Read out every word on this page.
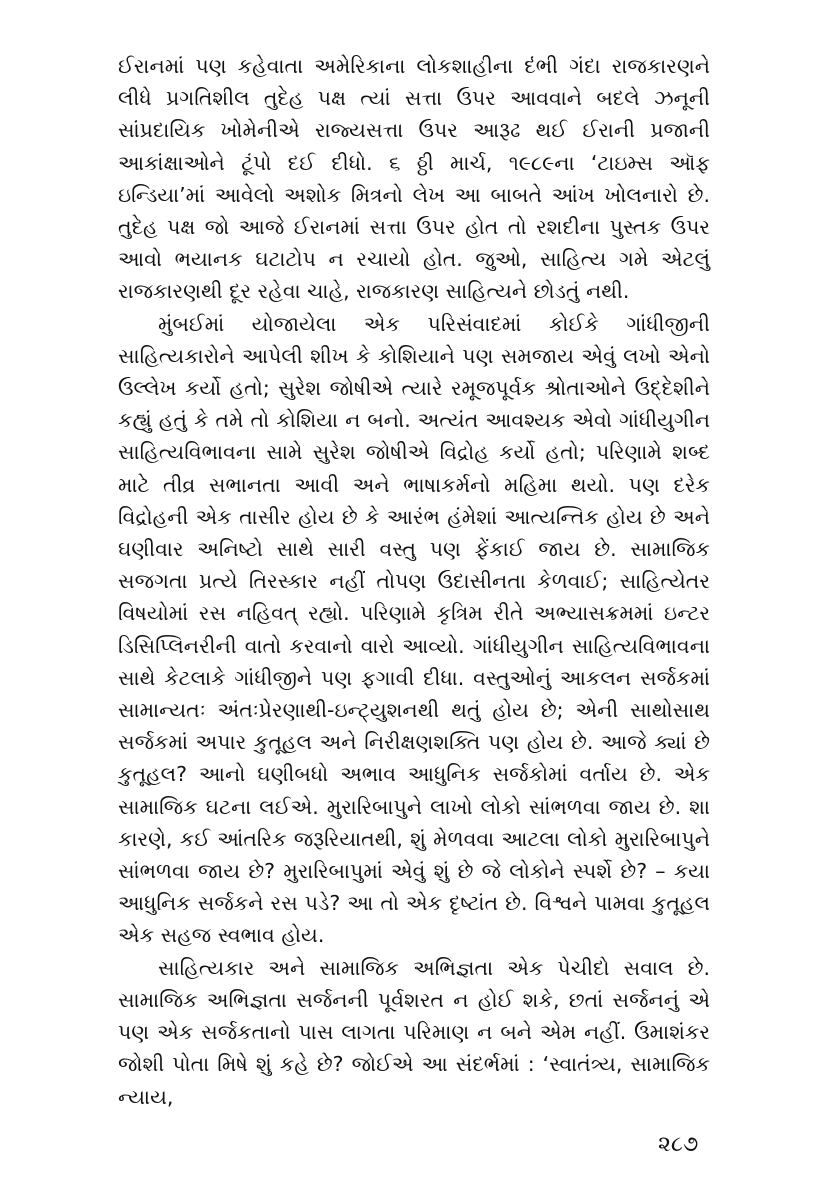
ઈરાનમાં પણ કહેવાતા અમેરિકાના લોકશાહીના દંભી ગંદા રાજકારણને લીધે પ્રગતિશીલ તુદેહ પક્ષ ત્યાં સત્તા ઉપર આવવાને બદલે ઝનૂની સાંપ્રદાયિક ખોમેનીએ રાજ્યસત્તા ઉપર આરૂઢ થઈ ઈરાની પ્રજાની આકાંક્ષાઓને ટૂંપો દઈ દીધો. ૬ ઠ્ઠી માર્ચ, ૧૯૮૯ના ‘ટાઇમ્સ ઑફ ઇન્ડિયા’માં આવેલો અશોક મિત્રનો લેખ આ બાબતે આંખ ખોલનારો છે. તુદેહ પક્ષ જો આજે ઈરાનમાં સત્તા ઉપર હોત તો રશદીના પુસ્તક ઉપર આવો ભયાનક ઘટાટોપ ન રચાયો હોત. જુઓ, સાહિત્ય ગમે એટલું રાજકારણથી દૂર રહેવા ચાહે, રાજકારણ સાહિત્યને છોડતું નથી.

મુંબઈમાં યોજાયેલા એક પરિસંવાદમાં કોઈકે ગાંધીજીની સાહિત્યકારોને આપેલી શીખ કે કોશિયાને પણ સમજાય એવું લખો એનો ઉલ્લેખ કર્યો હતો; સુરેશ જોષીએ ત્યારે રમૂજપૂર્વક શ્રોતાઓને ઉદ્દેશીને કહ્યું હતું કે તમે તો કોશિયા ન બનો. અત્યંત આવશ્યક એવો ગાંધીયુગીન સાહિત્યવિભાવના સામે સુરેશ જોષીએ વિદ્રોહ કર્યો હતો; પરિણામે શબ્દ માટે તીવ્ર સભાનતા આવી અને ભાષાકર્મનો મહિમા થયો. પણ દરેક વિદ્રોહની એક તાસીર હોય છે કે આરંભ હંમેશાં આત્યન્તિક હોય છે અને ઘણીવાર અનિષ્ટો સાથે સારી વસ્તુ પણ ફેંકાઈ જાય છે. સામાજિક સજગતા પ્રત્યે તિરસ્કાર નહીં તોપણ ઉદાસીનતા કેળવાઈ; સાહિત્યેતર વિષયોમાં રસ નહિવત્ રહ્યો. પરિણામે કૃત્રિમ રીતે અભ્યાસક્રમમાં ઇન્ટર ડિસિપ્લિનરીની વાતો કરવાનો વારો આવ્યો. ગાંધીયુગીન સાહિત્યવિભાવના સાથે કેટલાકે ગાંધીજીને પણ ફગાવી દીધા. વસ્તુઓનું આકલન સર્જકમાં સામાન્યતઃ અંતઃપ્રેરણાથી-ઇન્ટ્યુશનથી થતું હોય છે; એની સાથોસાથ સર્જકમાં અપાર કુતૂહલ અને નિરીક્ષણશક્તિ પણ હોય છે. આજે ક્યાં છે કુતૂહલ? આનો ઘણીબધો અભાવ આધુનિક સર્જકોમાં વર્તાય છે. એક સામાજિક ઘટના લઈએ. મુરારિબાપુને લાખો લોકો સાંભળવા જાય છે. શા કારણે, કઈ આંતરિક જરૂરિયાતથી, શું મેળવવા આટલા લોકો મુરારિબાપુને સાંભળવા જાય છે? મુરારિબાપુમાં એવું શું છે જે લોકોને સ્પર્શે છે? – કયા આધુનિક સર્જકને રસ પડે? આ તો એક દૃષ્ટાંત છે. વિશ્વને પામવા કુતૂહલ એક સહજ સ્વભાવ હોય.

સાહિત્યકાર અને સામાજિક અભિજ્ઞતા એક પેચીદો સવાલ છે. સામાજિક અભિજ્ઞતા સર્જનની પૂર્વશરત ન હોઈ શકે, છતાં સર્જનનું એ પણ એક સર્જકતાનો પાસ લાગતા પરિમાણ ન બને એમ નહીં. ઉમાશંકર જોશી પોતા મિષે શું કહે છે? જોઈએ આ સંદર્ભમાં : ‘સ્વાતંત્ર્ય, સામાજિક ન્યાય,

૨૮૭
